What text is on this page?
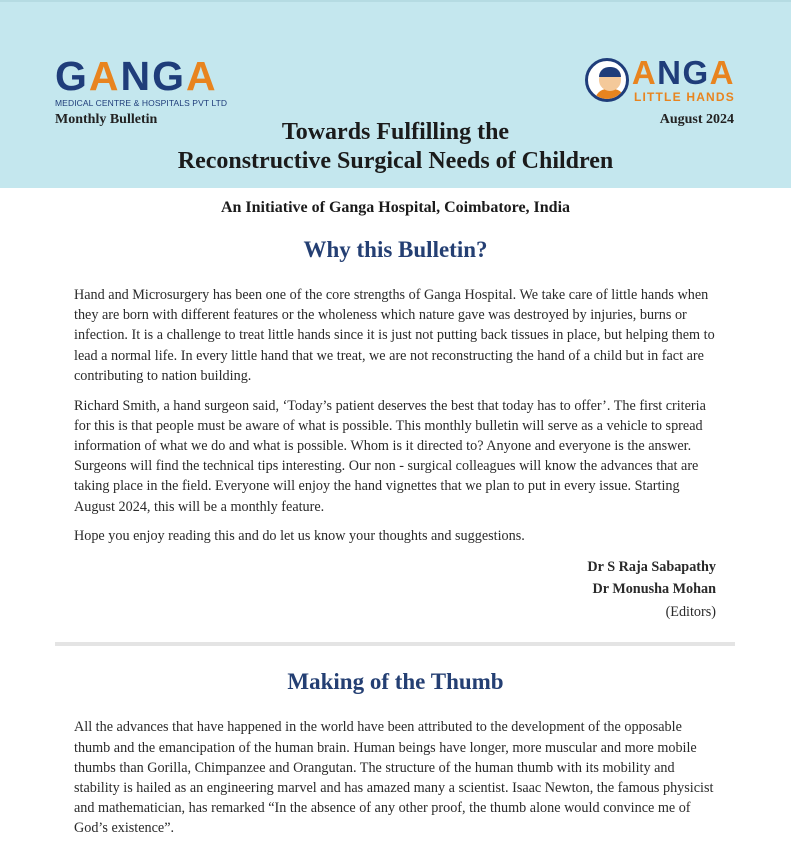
GANGA
MEDICAL CENTRE & HOSPITALS PVT LTD
Monthly Bulletin
ANGA
LITTLE HANDS
August 2024
Towards Fulfilling the
Reconstructive Surgical Needs of Children
An Initiative of Ganga Hospital, Coimbatore, India
Why this Bulletin?

Hand and Microsurgery has been one of the core strengths of Ganga Hospital. We take care of little hands when they are born with different features or the wholeness which nature gave was destroyed by injuries, burns or infection. It is a challenge to treat little hands since it is just not putting back tissues in place, but helping them to lead a normal life. In every little hand that we treat, we are not reconstructing the hand of a child but in fact are contributing to nation building.

Richard Smith, a hand surgeon said, ‘Today’s patient deserves the best that today has to offer’. The first criteria for this is that people must be aware of what is possible. This monthly bulletin will serve as a vehicle to spread information of what we do and what is possible. Whom is it directed to? Anyone and everyone is the answer. Surgeons will find the technical tips interesting. Our non - surgical colleagues will know the advances that are taking place in the field. Everyone will enjoy the hand vignettes that we plan to put in every issue. Starting August 2024, this will be a monthly feature.

Hope you enjoy reading this and do let us know your thoughts and suggestions.

Dr S Raja Sabapathy
Dr Monusha Mohan
(Editors)
Making of the Thumb

All the advances that have happened in the world have been attributed to the development of the opposable thumb and the emancipation of the human brain. Human beings have longer, more muscular and more mobile thumbs than Gorilla, Chimpanzee and Orangutan. The structure of the human thumb with its mobility and stability is hailed as an engineering marvel and has amazed many a scientist. Isaac Newton, the famous physicist and mathematician, has remarked “In the absence of any other proof, the thumb alone would convince me of God’s existence”.
